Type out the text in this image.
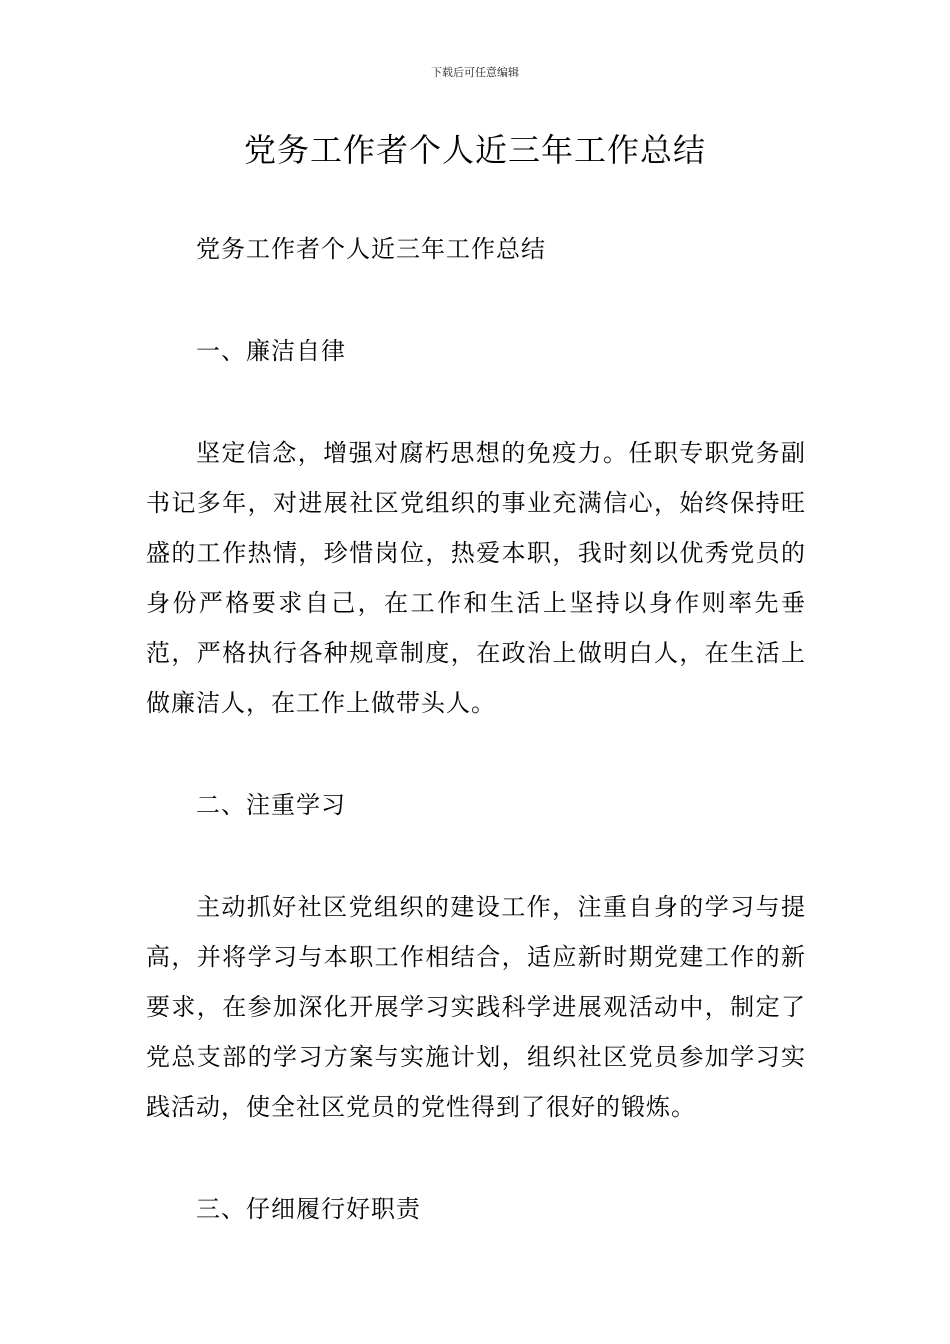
下载后可任意编辑
党务工作者个人近三年工作总结

党务工作者个人近三年工作总结

一、廉洁自律

坚定信念，增强对腐朽思想的免疫力。任职专职党务副书记多年，对进展社区党组织的事业充满信心，始终保持旺盛的工作热情，珍惜岗位，热爱本职，我时刻以优秀党员的身份严格要求自己，在工作和生活上坚持以身作则率先垂范，严格执行各种规章制度，在政治上做明白人，在生活上做廉洁人，在工作上做带头人。

二、注重学习

主动抓好社区党组织的建设工作，注重自身的学习与提高，并将学习与本职工作相结合，适应新时期党建工作的新要求，在参加深化开展学习实践科学进展观活动中，制定了党总支部的学习方案与实施计划，组织社区党员参加学习实践活动，使全社区党员的党性得到了很好的锻炼。

三、仔细履行好职责
